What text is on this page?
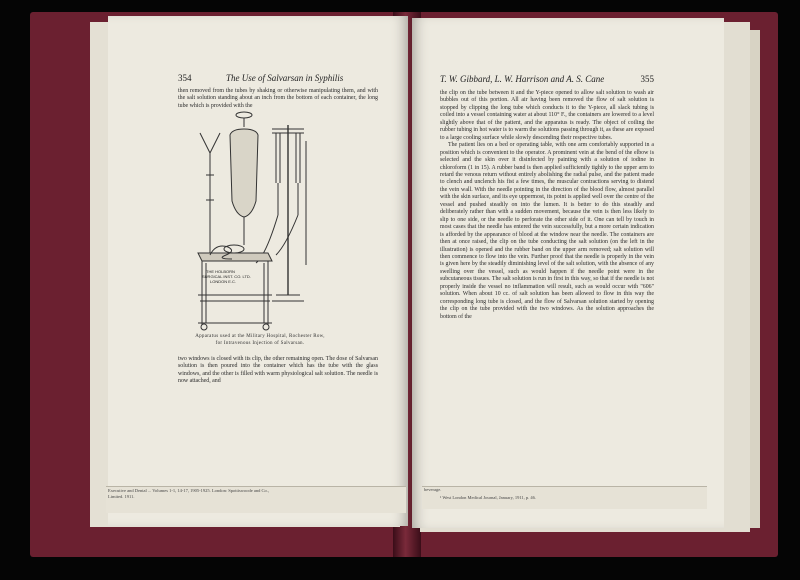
354	The Use of Salvarsan in Syphilis

then removed from the tubes by shaking or otherwise manipulating them, and with the salt solution standing about an inch from the bottom of each container, the long tube which is provided with the

THE HOLBORN
SURGICAL INST. CO. LTD.
LONDON E.C.
Apparatus used at the Military Hospital, Rochester Row,
for Intravenous Injection of Salvarsan.

two windows is closed with its clip, the other remaining open. The dose of Salvarsan solution is then poured into the container which has the tube with the glass windows, and the other is filled with warm physiological salt solution. The needle is now attached, and

Executive and Dental ... Volumes 1-1, 14-17, 1905-1925. London: Spottiswoode and Co., Limited. 1911.
T. W. Gibbard, L. W. Harrison and A. S. Cane	355

the clip on the tube between it and the Y-piece opened to allow salt solution to wash air bubbles out of this portion. All air having been removed the flow of salt solution is stopped by clipping the long tube which conducts it to the Y-piece, all slack tubing is coiled into a vessel containing water at about 110° F., the containers are lowered to a level slightly above that of the patient, and the apparatus is ready. The object of coiling the rubber tubing in hot water is to warm the solutions passing through it, as these are exposed to a large cooling surface while slowly descending their respective tubes.

The patient lies on a bed or operating table, with one arm comfortably supported in a position which is convenient to the operator. A prominent vein at the bend of the elbow is selected and the skin over it disinfected by painting with a solution of iodine in chloroform (1 in 15). A rubber band is then applied sufficiently tightly to the upper arm to retard the venous return without entirely abolishing the radial pulse, and the patient made to clench and unclench his fist a few times, the muscular contractions serving to distend the vein wall. With the needle pointing in the direction of the blood flow, almost parallel with the skin surface, and its eye uppermost, its point is applied well over the centre of the vessel and pushed steadily on into the lumen. It is better to do this steadily and deliberately rather than with a sudden movement, because the vein is then less likely to slip to one side, or the needle to perforate the other side of it. One can tell by touch in most cases that the needle has entered the vein successfully, but a more certain indication is afforded by the appearance of blood at the window near the needle. The containers are then at once raised, the clip on the tube conducting the salt solution (on the left in the illustration) is opened and the rubber band on the upper arm removed; salt solution will then commence to flow into the vein. Further proof that the needle is properly in the vein is given here by the steadily diminishing level of the salt solution, with the absence of any swelling over the vessel, such as would happen if the needle point were in the subcutaneous tissues. The salt solution is run in first in this way, so that if the needle is not properly inside the vessel no inflammation will result, such as would occur with "606" solution. When about 10 cc. of salt solution has been allowed to flow in this way the corresponding long tube is closed, and the flow of Salvarsan solution started by opening the clip on the tube provided with the two windows. As the solution approaches the bottom of the

beverage.
¹ West London Medical Journal, January, 1911, p. 46.
